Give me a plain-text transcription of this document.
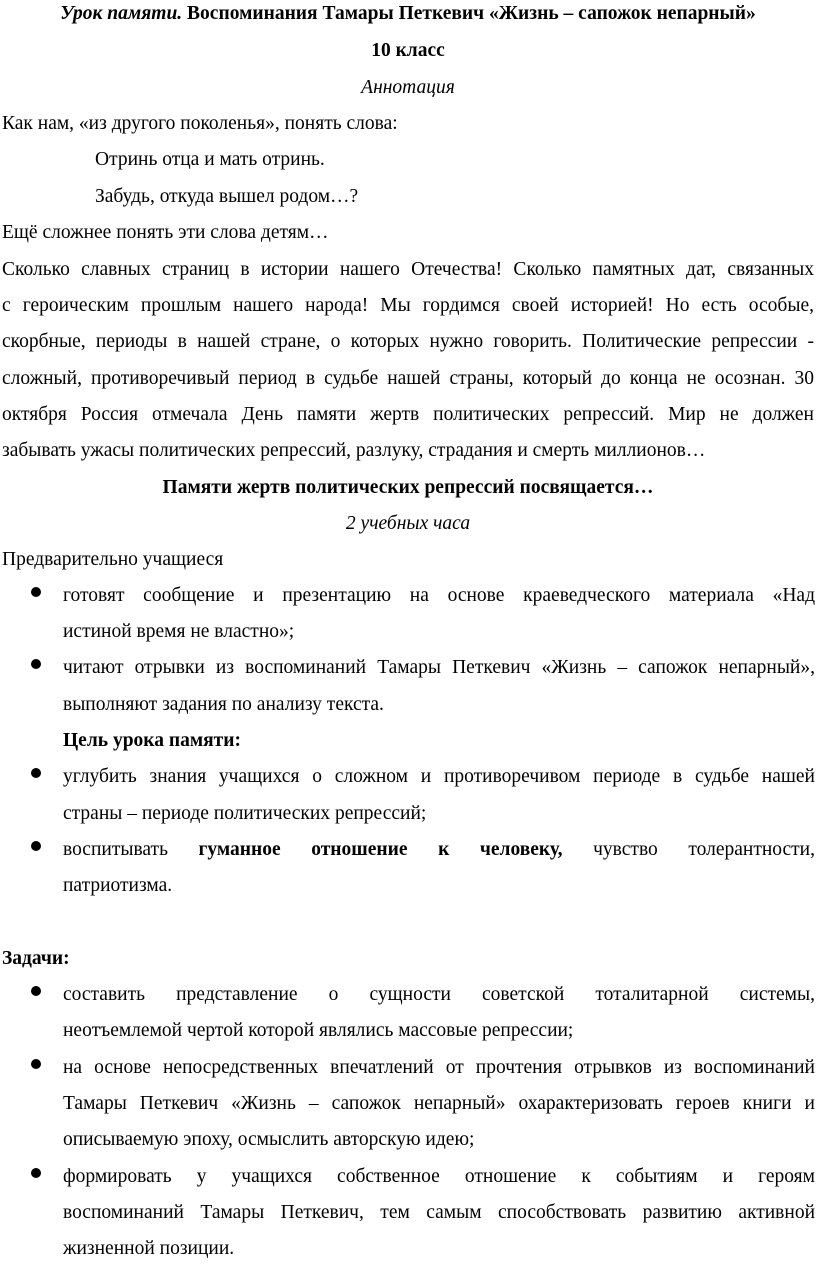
Урок памяти. Воспоминания Тамары Петкевич «Жизнь – сапожок непарный»
10 класс
Аннотация
Как нам, «из другого поколенья», понять слова:
Отринь отца и мать отринь.
Забудь, откуда вышел родом…?
Ещё сложнее понять эти слова детям…
Сколько славных страниц в истории нашего Отечества! Сколько памятных дат, связанных
с героическим прошлым нашего народа! Мы гордимся своей историей! Но есть особые,
скорбные, периоды в нашей стране, о которых нужно говорить. Политические репрессии -
сложный, противоречивый период в судьбе нашей страны, который до конца не осознан. 30
октября Россия отмечала День памяти жертв политических репрессий. Мир не должен
забывать ужасы политических репрессий, разлуку, страдания и смерть миллионов…
Памяти жертв политических репрессий посвящается…
2 учебных часа
Предварительно учащиеся
готовят сообщение и презентацию на основе краеведческого материала «Над
истиной время не властно»;
читают отрывки из воспоминаний Тамары Петкевич «Жизнь – сапожок непарный»,
выполняют задания по анализу текста.
Цель урока памяти:
углубить знания учащихся о сложном и противоречивом периоде в судьбе нашей
страны – периоде политических репрессий;
воспитывать гуманное отношение к человеку, чувство толерантности,
патриотизма.
Задачи:
составить представление о сущности советской тоталитарной системы,
неотъемлемой чертой которой являлись массовые репрессии;
на основе непосредственных впечатлений от прочтения отрывков из воспоминаний
Тамары Петкевич «Жизнь – сапожок непарный» охарактеризовать героев книги и
описываемую эпоху, осмыслить авторскую идею;
формировать у учащихся собственное отношение к событиям и героям
воспоминаний Тамары Петкевич, тем самым способствовать развитию активной
жизненной позиции.
